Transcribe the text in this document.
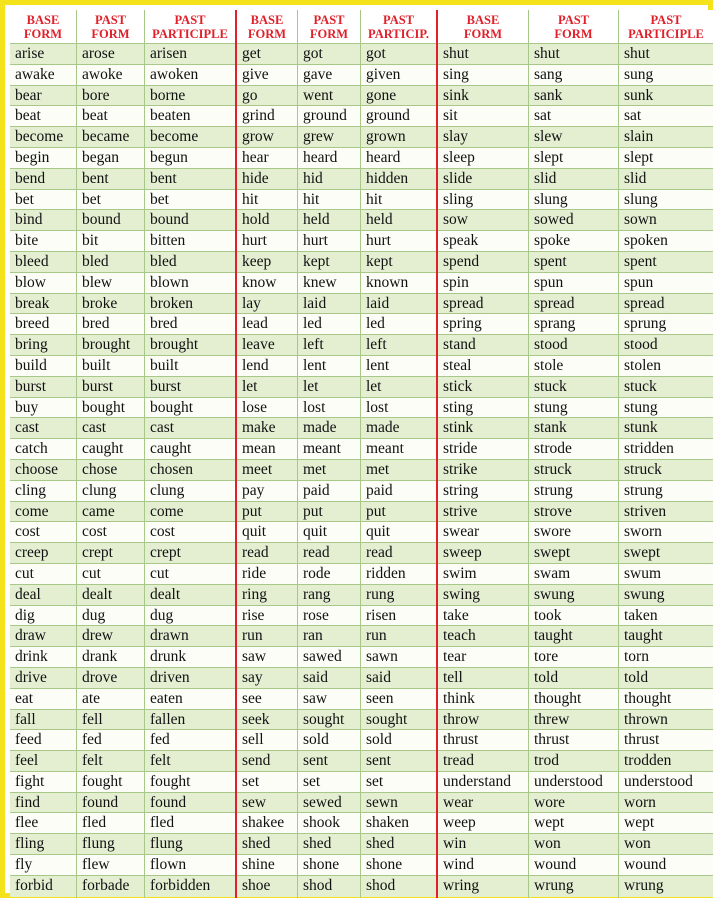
BASE
FORM
arise
awake
bear
beat
become
begin
bend
bet
bind
bite
bleed
blow
break
breed
bring
build
burst
buy
cast
catch
choose
cling
come
cost
creep
cut
deal
dig
draw
drink
drive
eat
fall
feed
feel
fight
find
flee
fling
fly
forbid
PAST
FORM
arose
awoke
bore
beat
became
began
bent
bet
bound
bit
bled
blew
broke
bred
brought
built
burst
bought
cast
caught
chose
clung
came
cost
crept
cut
dealt
dug
drew
drank
drove
ate
fell
fed
felt
fought
found
fled
flung
flew
forbade
PAST
PARTICIPLE
arisen
awoken
borne
beaten
become
begun
bent
bet
bound
bitten
bled
blown
broken
bred
brought
built
burst
bought
cast
caught
chosen
clung
come
cost
crept
cut
dealt
dug
drawn
drunk
driven
eaten
fallen
fed
felt
fought
found
fled
flung
flown
forbidden
BASE
FORM
get
give
go
grind
grow
hear
hide
hit
hold
hurt
keep
know
lay
lead
leave
lend
let
lose
make
mean
meet
pay
put
quit
read
ride
ring
rise
run
saw
say
see
seek
sell
send
set
sew
shakee
shed
shine
shoe
PAST
FORM
got
gave
went
ground
grew
heard
hid
hit
held
hurt
kept
knew
laid
led
left
lent
let
lost
made
meant
met
paid
put
quit
read
rode
rang
rose
ran
sawed
said
saw
sought
sold
sent
set
sewed
shook
shed
shone
shod
PAST
PARTICIP.
got
given
gone
ground
grown
heard
hidden
hit
held
hurt
kept
known
laid
led
left
lent
let
lost
made
meant
met
paid
put
quit
read
ridden
rung
risen
run
sawn
said
seen
sought
sold
sent
set
sewn
shaken
shed
shone
shod
BASE
FORM
shut
sing
sink
sit
slay
sleep
slide
sling
sow
speak
spend
spin
spread
spring
stand
steal
stick
sting
stink
stride
strike
string
strive
swear
sweep
swim
swing
take
teach
tear
tell
think
throw
thrust
tread
understand
wear
weep
win
wind
wring
PAST
FORM
shut
sang
sank
sat
slew
slept
slid
slung
sowed
spoke
spent
spun
spread
sprang
stood
stole
stuck
stung
stank
strode
struck
strung
strove
swore
swept
swam
swung
took
taught
tore
told
thought
threw
thrust
trod
understood
wore
wept
won
wound
wrung
PAST
PARTICIPLE
shut
sung
sunk
sat
slain
slept
slid
slung
sown
spoken
spent
spun
spread
sprung
stood
stolen
stuck
stung
stunk
stridden
struck
strung
striven
sworn
swept
swum
swung
taken
taught
torn
told
thought
thrown
thrust
trodden
understood
worn
wept
won
wound
wrung
